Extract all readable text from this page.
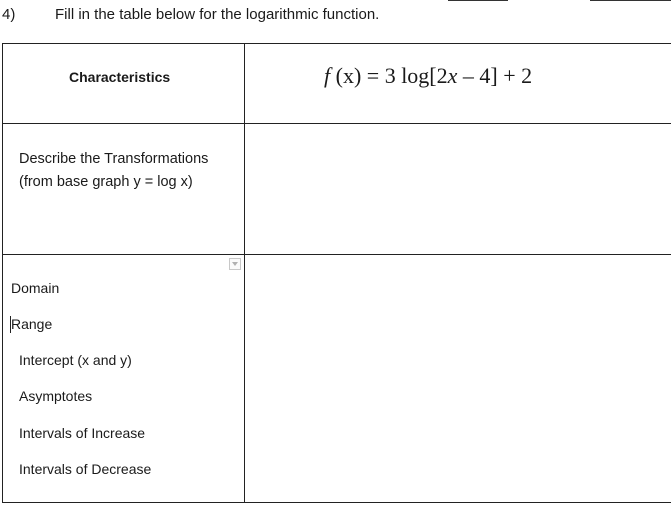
4)	Fill in the table below for the logarithmic function.
Characteristics	f (x) = 3 log[2x – 4] + 2
Describe the Transformations
(from base graph y = log x)
Domain
Range
Intercept (x and y)
Asymptotes
Intervals of Increase
Intervals of Decrease
